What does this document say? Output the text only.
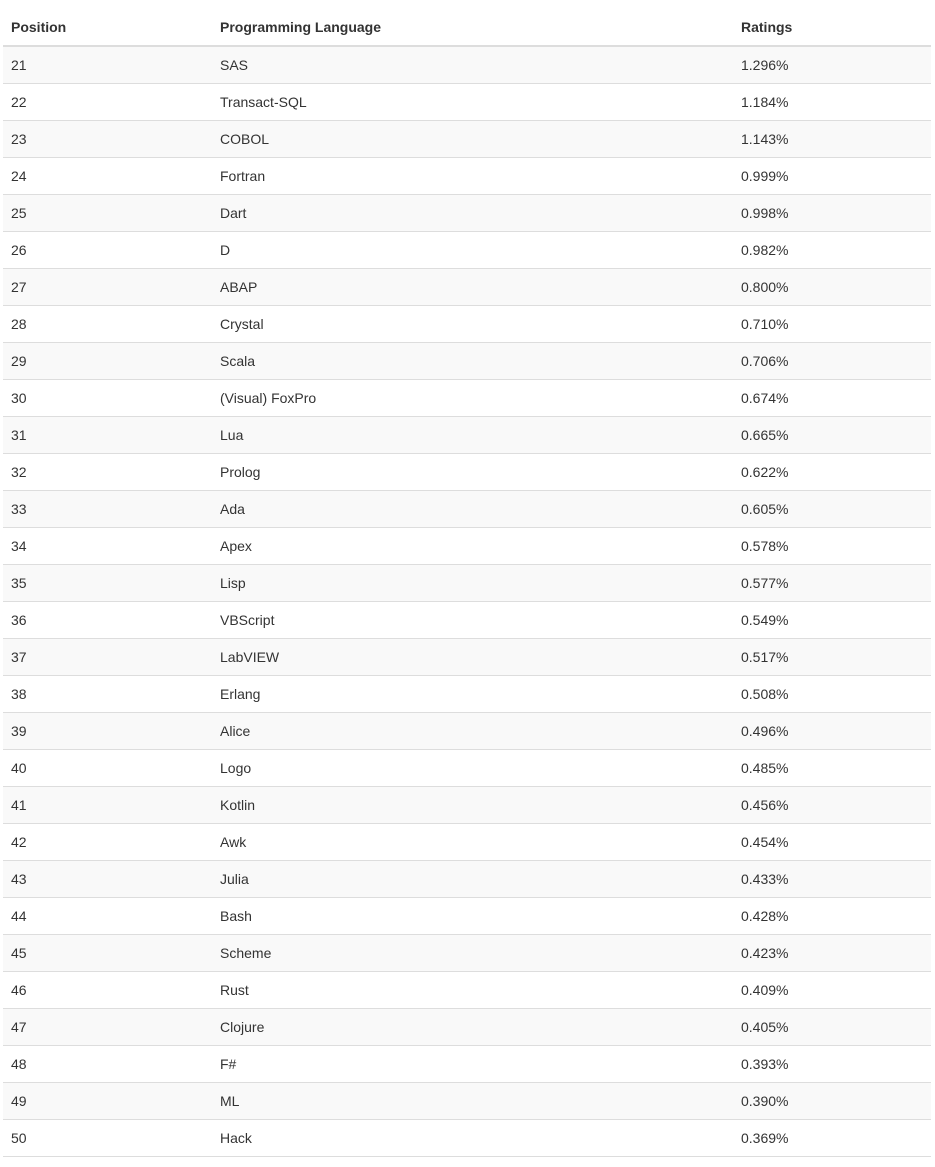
Position	Programming Language	Ratings
21	SAS	1.296%
22	Transact-SQL	1.184%
23	COBOL	1.143%
24	Fortran	0.999%
25	Dart	0.998%
26	D	0.982%
27	ABAP	0.800%
28	Crystal	0.710%
29	Scala	0.706%
30	(Visual) FoxPro	0.674%
31	Lua	0.665%
32	Prolog	0.622%
33	Ada	0.605%
34	Apex	0.578%
35	Lisp	0.577%
36	VBScript	0.549%
37	LabVIEW	0.517%
38	Erlang	0.508%
39	Alice	0.496%
40	Logo	0.485%
41	Kotlin	0.456%
42	Awk	0.454%
43	Julia	0.433%
44	Bash	0.428%
45	Scheme	0.423%
46	Rust	0.409%
47	Clojure	0.405%
48	F#	0.393%
49	ML	0.390%
50	Hack	0.369%
